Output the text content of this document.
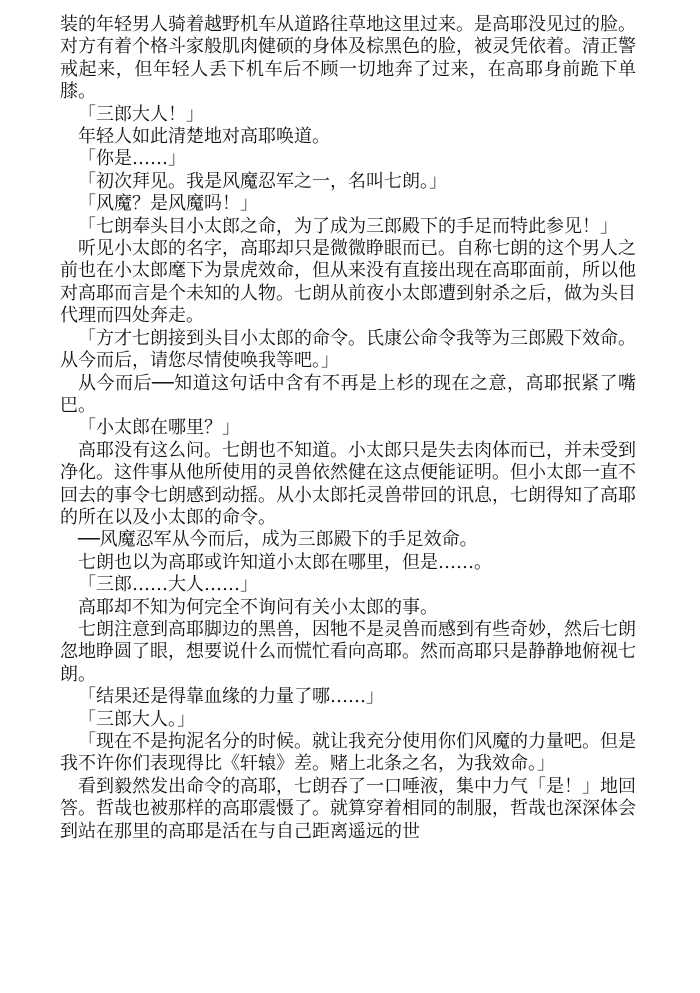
装的年轻男人骑着越野机车从道路往草地这里过来。是高耶没见过的脸。对方有着个格斗家般肌肉健硕的身体及棕黑色的脸，被灵凭依着。清正警戒起来，但年轻人丢下机车后不顾一切地奔了过来，在高耶身前跪下单膝。

「三郎大人！」

年轻人如此清楚地对高耶唤道。

「你是……」

「初次拜见。我是风魔忍军之一，名叫七朗。」

「风魔？是风魔吗！」

「七朗奉头目小太郎之命，为了成为三郎殿下的手足而特此参见！」

听见小太郎的名字，高耶却只是微微睁眼而已。自称七朗的这个男人之前也在小太郎麾下为景虎效命，但从来没有直接出现在高耶面前，所以他对高耶而言是个未知的人物。七朗从前夜小太郎遭到射杀之后，做为头目代理而四处奔走。

「方才七朗接到头目小太郎的命令。氏康公命令我等为三郎殿下效命。从今而后，请您尽情使唤我等吧。」

从今而后──知道这句话中含有不再是上杉的现在之意，高耶抿紧了嘴巴。

「小太郎在哪里？」

高耶没有这么问。七朗也不知道。小太郎只是失去肉体而已，并未受到净化。这件事从他所使用的灵兽依然健在这点便能证明。但小太郎一直不回去的事令七朗感到动摇。从小太郎托灵兽带回的讯息，七朗得知了高耶的所在以及小太郎的命令。

──风魔忍军从今而后，成为三郎殿下的手足效命。

七朗也以为高耶或许知道小太郎在哪里，但是……。

「三郎……大人……」

高耶却不知为何完全不询问有关小太郎的事。

七朗注意到高耶脚边的黑兽，因牠不是灵兽而感到有些奇妙，然后七朗忽地睁圆了眼，想要说什么而慌忙看向高耶。然而高耶只是静静地俯视七朗。

「结果还是得靠血缘的力量了哪……」

「三郎大人。」

「现在不是拘泥名分的时候。就让我充分使用你们风魔的力量吧。但是我不许你们表现得比《轩辕》差。赌上北条之名，为我效命。」

看到毅然发出命令的高耶，七朗吞了一口唾液，集中力气「是！」地回答。哲哉也被那样的高耶震慑了。就算穿着相同的制服，哲哉也深深体会到站在那里的高耶是活在与自己距离遥远的世
